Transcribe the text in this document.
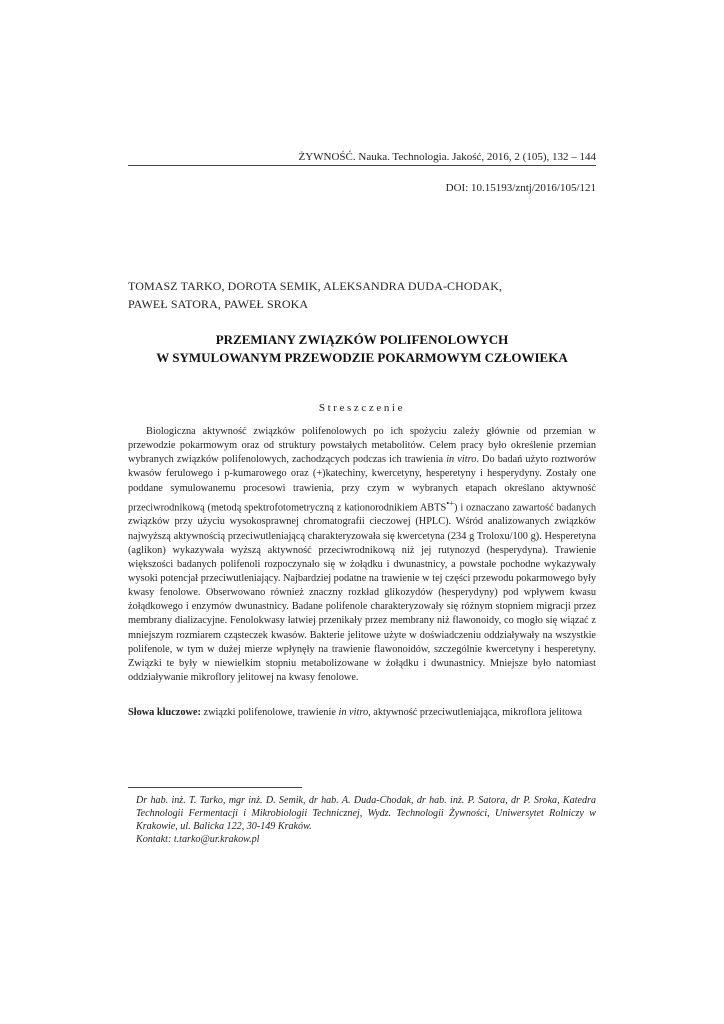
ŻYWNOŚĆ. Nauka. Technologia. Jakość, 2016, 2 (105), 132 – 144
DOI: 10.15193/zntj/2016/105/121
TOMASZ TARKO, DOROTA SEMIK, ALEKSANDRA DUDA-CHODAK,
PAWEŁ SATORA, PAWEŁ SROKA
PRZEMIANY ZWIĄZKÓW POLIFENOLOWYCH
W SYMULOWANYM PRZEWODZIE POKARMOWYM CZŁOWIEKA
Streszczenie

Biologiczna aktywność związków polifenolowych po ich spożyciu zależy głównie od przemian w przewodzie pokarmowym oraz od struktury powstałych metabolitów. Celem pracy było określenie przemian wybranych związków polifenolowych, zachodzących podczas ich trawienia in vitro. Do badań użyto roztworów kwasów ferulowego i p-kumarowego oraz (+)katechiny, kwercetyny, hesperetyny i hesperydyny. Zostały one poddane symulowanemu procesowi trawienia, przy czym w wybranych etapach określano aktywność przeciwrodnikową (metodą spektrofotometryczną z kationorodnikiem ABTS•+) i oznaczano zawartość badanych związków przy użyciu wysokosprawnej chromatografii cieczowej (HPLC). Wśród analizowanych związków najwyższą aktywnością przeciwutleniającą charakteryzowała się kwercetyna (234 g Troloxu/100 g). Hesperetyna (aglikon) wykazywała wyższą aktywność przeciwrodnikową niż jej rutynozyd (hesperydyna). Trawienie większości badanych polifenoli rozpoczynało się w żołądku i dwunastnicy, a powstałe pochodne wykazywały wysoki potencjał przeciwutleniający. Najbardziej podatne na trawienie w tej części przewodu pokarmowego były kwasy fenolowe. Obserwowano również znaczny rozkład glikozydów (hesperydyny) pod wpływem kwasu żołądkowego i enzymów dwunastnicy. Badane polifenole charakteryzowały się różnym stopniem migracji przez membrany dializacyjne. Fenolokwasy łatwiej przenikały przez membrany niż flawonoidy, co mogło się wiązać z mniejszym rozmiarem cząsteczek kwasów. Bakterie jelitowe użyte w doświadczeniu oddziaływały na wszystkie polifenole, w tym w dużej mierze wpłynęły na trawienie flawonoidów, szczególnie kwercetyny i hesperetyny. Związki te były w niewielkim stopniu metabolizowane w żołądku i dwunastnicy. Mniejsze było natomiast oddziaływanie mikroflory jelitowej na kwasy fenolowe.

Słowa kluczowe: związki polifenolowe, trawienie in vitro, aktywność przeciwutleniająca, mikroflora jelitowa
Dr hab. inż. T. Tarko, mgr inż. D. Semik, dr hab. A. Duda-Chodak, dr hab. inż. P. Satora, dr P. Sroka, Katedra Technologii Fermentacji i Mikrobiologii Technicznej, Wydz. Technologii Żywności, Uniwersytet Rolniczy w Krakowie, ul. Balicka 122, 30-149 Kraków.
Kontakt: t.tarko@ur.krakow.pl
